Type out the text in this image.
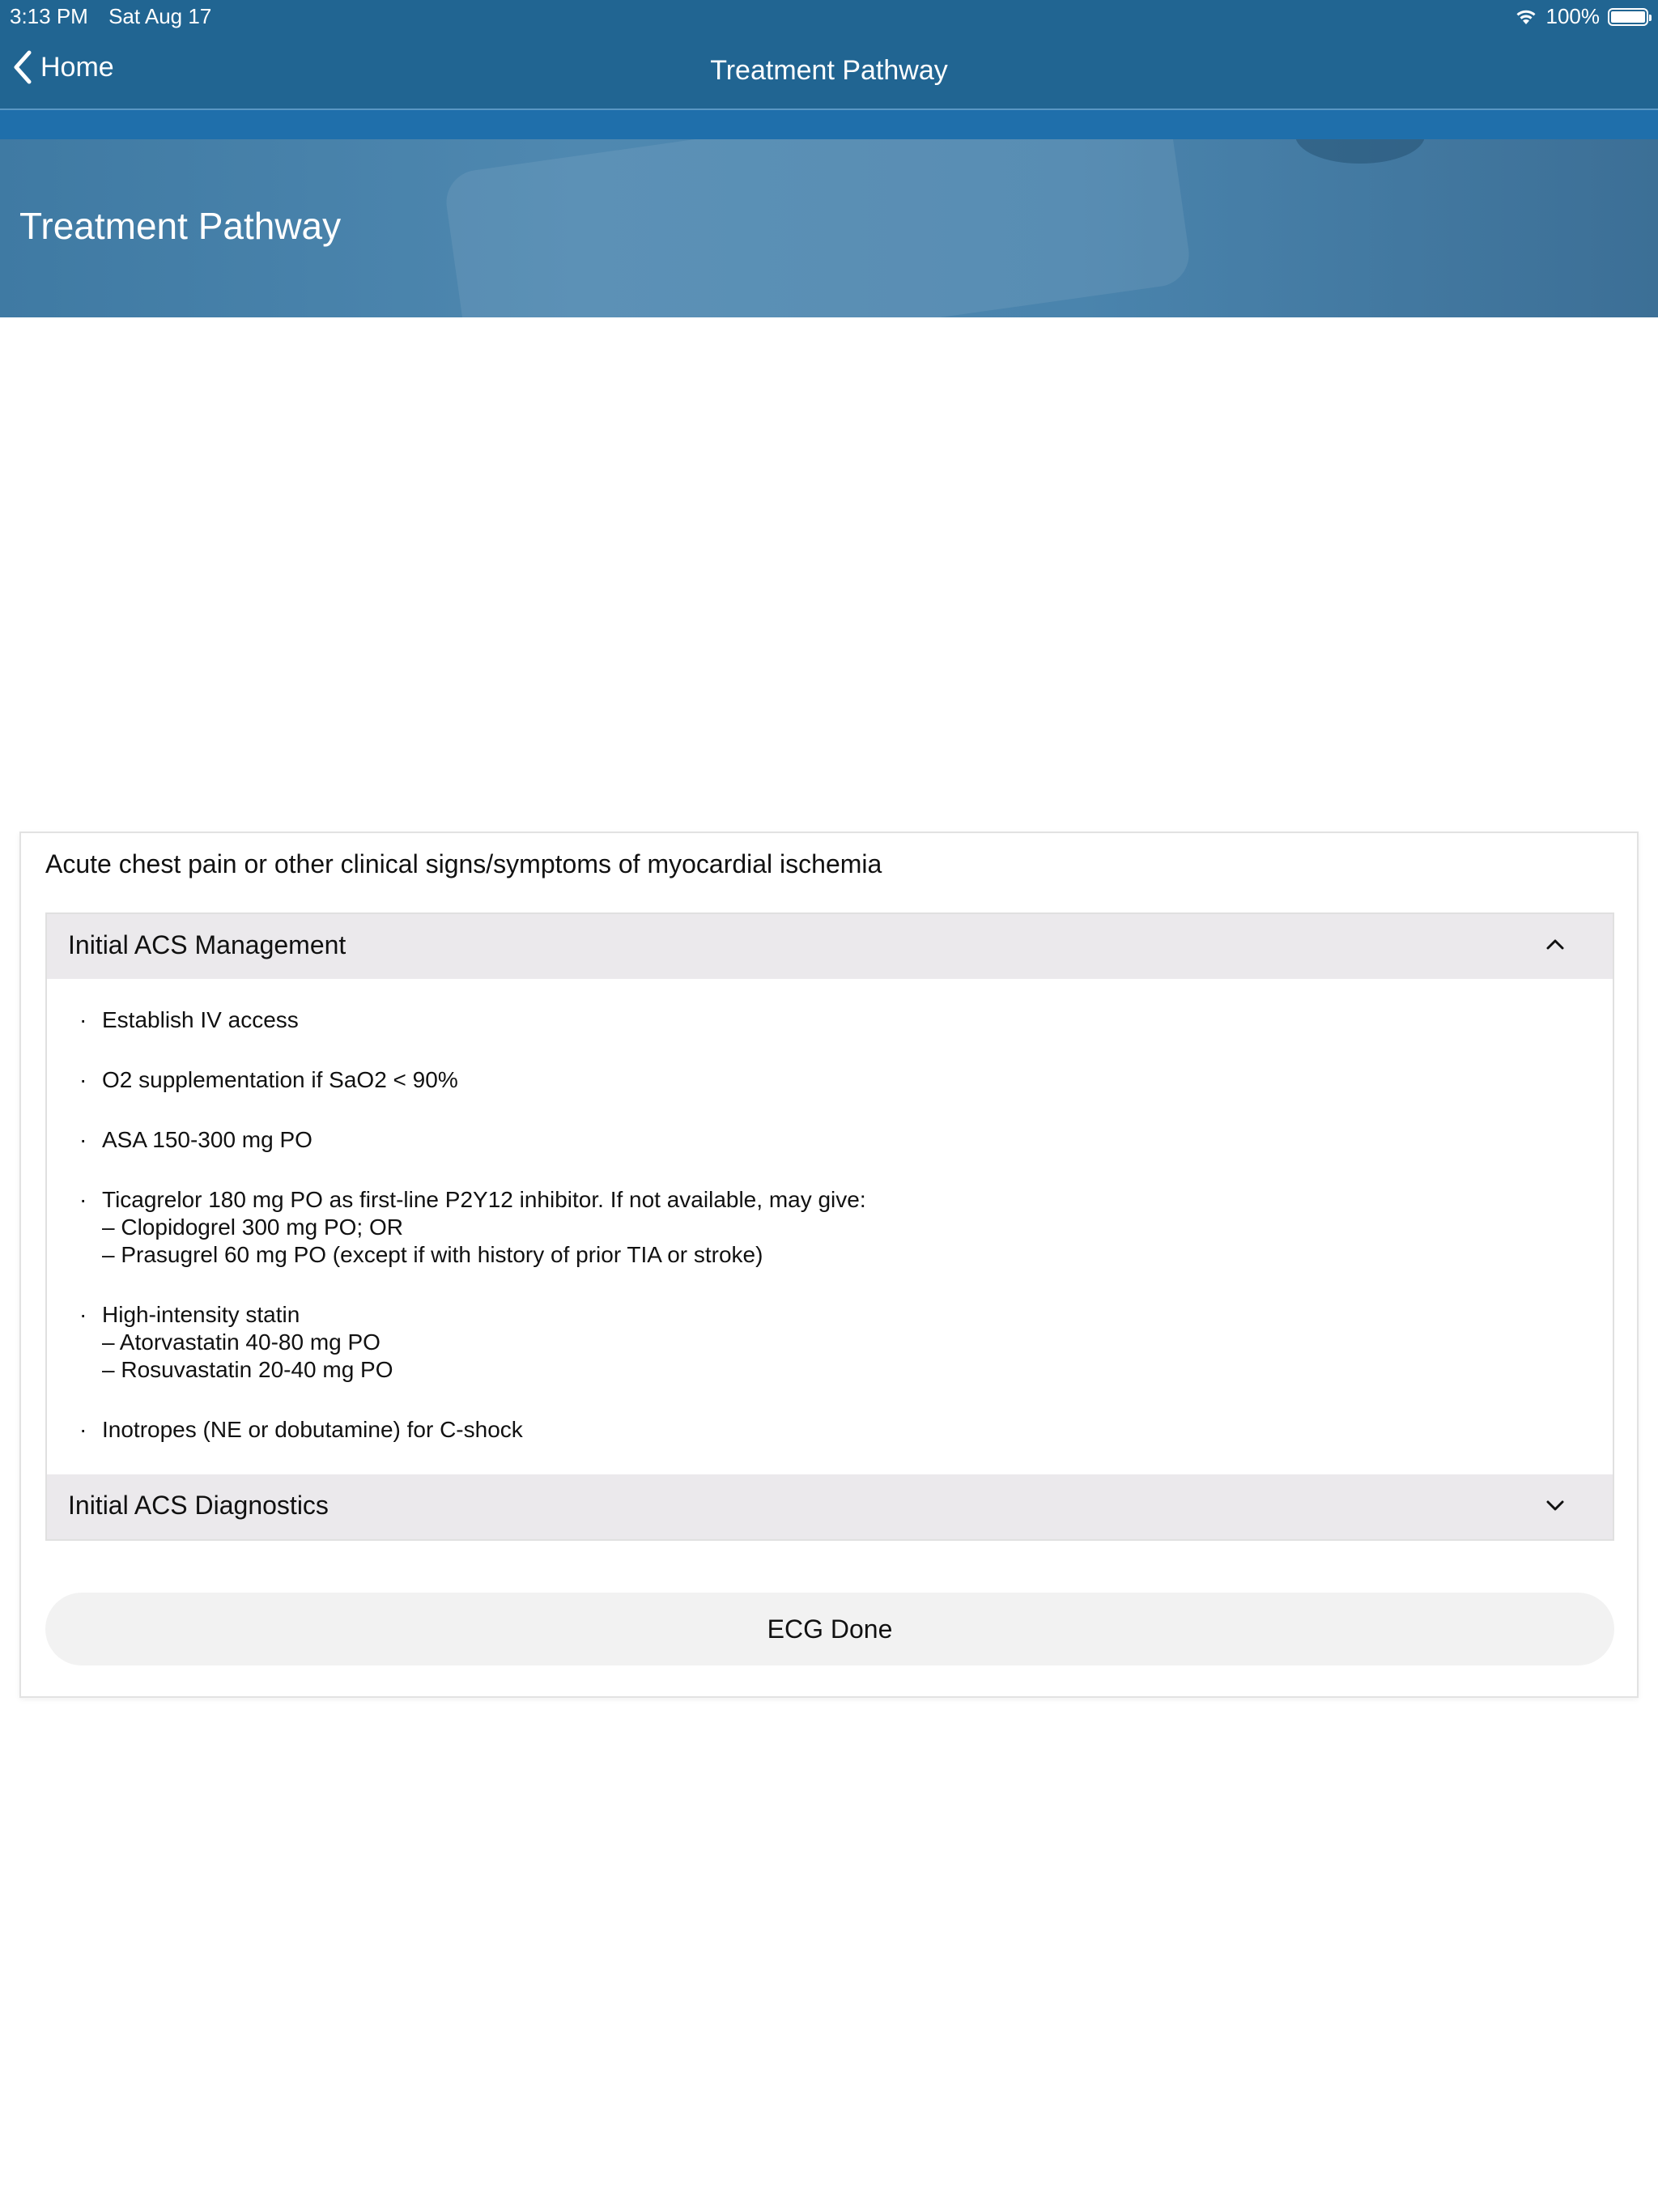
3:13 PM Sat Aug 17	100%
Home	Treatment Pathway
Treatment Pathway
Acute chest pain or other clinical signs/symptoms of myocardial ischemia
Initial ACS Management
· Establish IV access
· O2 supplementation if SaO2 < 90%
· ASA 150-300 mg PO
· Ticagrelor 180 mg PO as first-line P2Y12 inhibitor. If not available, may give:
– Clopidogrel 300 mg PO; OR
– Prasugrel 60 mg PO (except if with history of prior TIA or stroke)
· High-intensity statin
– Atorvastatin 40-80 mg PO
– Rosuvastatin 20-40 mg PO
· Inotropes (NE or dobutamine) for C-shock
Initial ACS Diagnostics
ECG Done
